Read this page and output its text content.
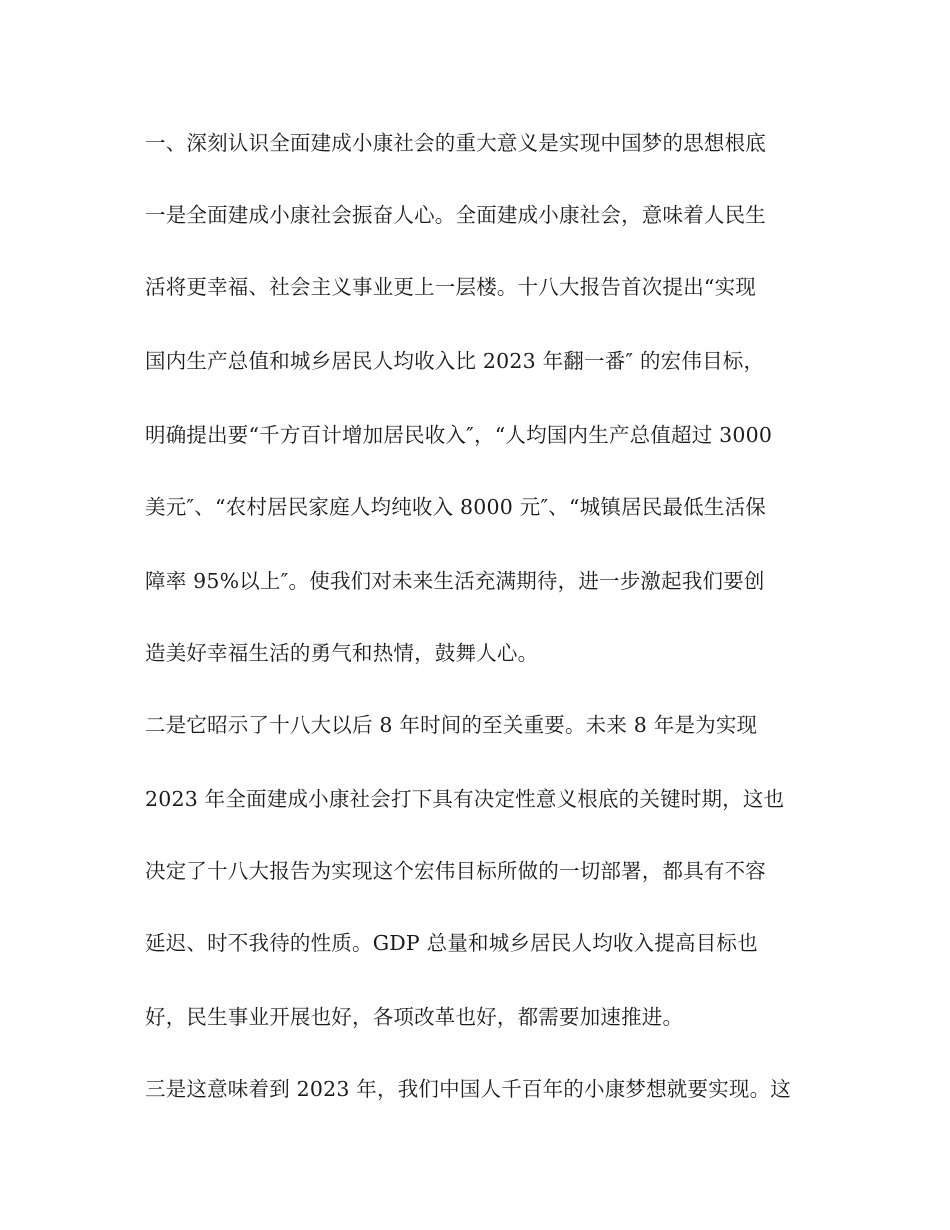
一、深刻认识全面建成小康社会的重大意义是实现中国梦的思想根底
一是全面建成小康社会振奋人心。全面建成小康社会，意味着人民生
活将更幸福、社会主义事业更上一层楼。十八大报告首次提出“实现
国内生产总值和城乡居民人均收入比 2023 年翻一番″ 的宏伟目标，
明确提出要“千方百计增加居民收入″，“人均国内生产总值超过 3000
美元″、“农村居民家庭人均纯收入 8000 元″、“城镇居民最低生活保
障率 95%以上″。使我们对未来生活充满期待，进一步激起我们要创
造美好幸福生活的勇气和热情，鼓舞人心。
二是它昭示了十八大以后 8 年时间的至关重要。未来 8 年是为实现
2023 年全面建成小康社会打下具有决定性意义根底的关键时期，这也
决定了十八大报告为实现这个宏伟目标所做的一切部署，都具有不容
延迟、时不我待的性质。GDP 总量和城乡居民人均收入提高目标也
好，民生事业开展也好，各项改革也好，都需要加速推进。
三是这意味着到 2023 年，我们中国人千百年的小康梦想就要实现。这
